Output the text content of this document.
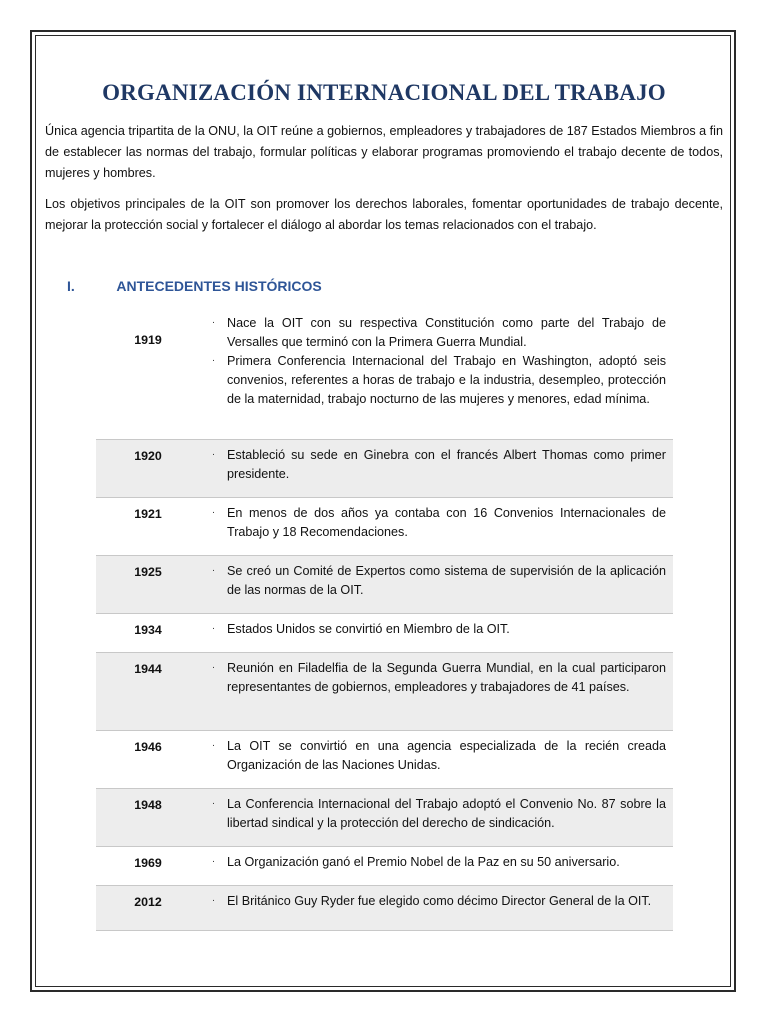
ORGANIZACIÓN INTERNACIONAL DEL TRABAJO

Única agencia tripartita de la ONU, la OIT reúne a gobiernos, empleadores y trabajadores de 187 Estados Miembros a fin de establecer las normas del trabajo, formular políticas y elaborar programas promoviendo el trabajo decente de todos, mujeres y hombres.

Los objetivos principales de la OIT son promover los derechos laborales, fomentar oportunidades de trabajo decente, mejorar la protección social y fortalecer el diálogo al abordar los temas relacionados con el trabajo.

I.	ANTECEDENTES HISTÓRICOS
1919
· Nace la OIT con su respectiva Constitución como parte del Trabajo de Versalles que terminó con la Primera Guerra Mundial.
· Primera Conferencia Internacional del Trabajo en Washington, adoptó seis convenios, referentes a horas de trabajo e la industria, desempleo, protección de la maternidad, trabajo nocturno de las mujeres y menores, edad mínima.
1920	· Estableció su sede en Ginebra con el francés Albert Thomas como primer presidente.
1921	· En menos de dos años ya contaba con 16 Convenios Internacionales de Trabajo y 18 Recomendaciones.
1925	· Se creó un Comité de Expertos como sistema de supervisión de la aplicación de las normas de la OIT.
1934	· Estados Unidos se convirtió en Miembro de la OIT.
1944	· Reunión en Filadelfia de la Segunda Guerra Mundial, en la cual participaron representantes de gobiernos, empleadores y trabajadores de 41 países.
1946	· La OIT se convirtió en una agencia especializada de la recién creada Organización de las Naciones Unidas.
1948	· La Conferencia Internacional del Trabajo adoptó el Convenio No. 87 sobre la libertad sindical y la protección del derecho de sindicación.
1969	· La Organización ganó el Premio Nobel de la Paz en su 50 aniversario.
2012	· El Británico Guy Ryder fue elegido como décimo Director General de la OIT.
